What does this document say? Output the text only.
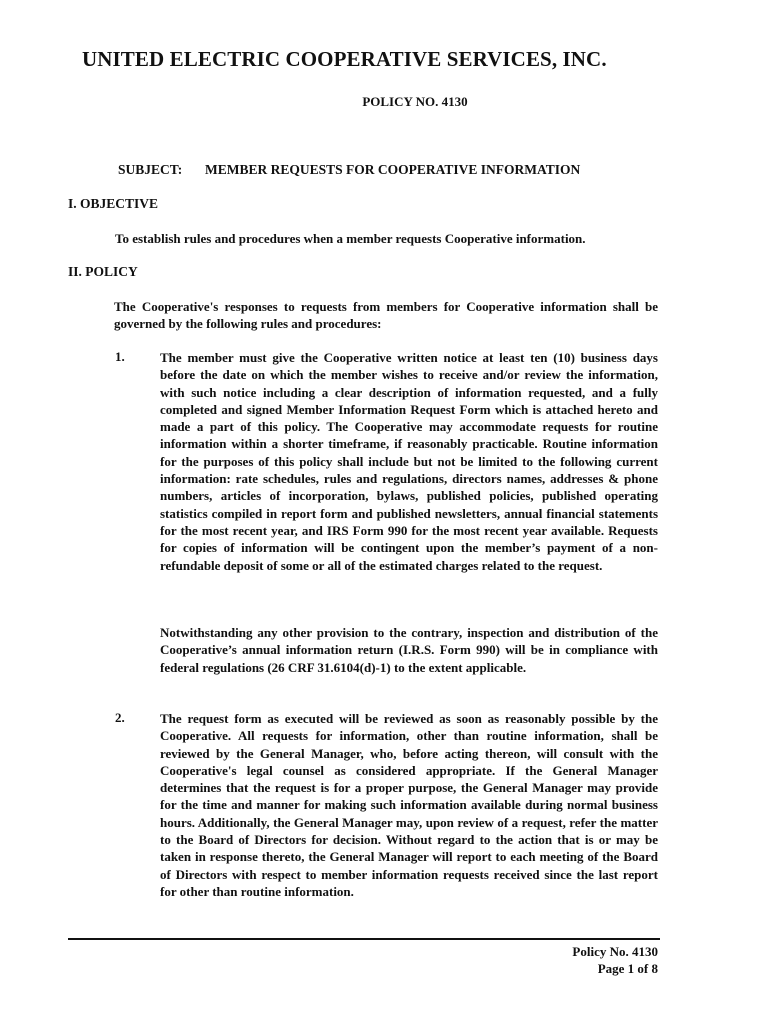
UNITED ELECTRIC COOPERATIVE SERVICES, INC.
POLICY NO. 4130
SUBJECT: MEMBER REQUESTS FOR COOPERATIVE INFORMATION
I. OBJECTIVE
To establish rules and procedures when a member requests Cooperative information.
II. POLICY
The Cooperative's responses to requests from members for Cooperative information shall be governed by the following rules and procedures:
1.	The member must give the Cooperative written notice at least ten (10) business days before the date on which the member wishes to receive and/or review the information, with such notice including a clear description of information requested, and a fully completed and signed Member Information Request Form which is attached hereto and made a part of this policy. The Cooperative may accommodate requests for routine information within a shorter timeframe, if reasonably practicable. Routine information for the purposes of this policy shall include but not be limited to the following current information: rate schedules, rules and regulations, directors names, addresses & phone numbers, articles of incorporation, bylaws, published policies, published operating statistics compiled in report form and published newsletters, annual financial statements for the most recent year, and IRS Form 990 for the most recent year available. Requests for copies of information will be contingent upon the member’s payment of a non-refundable deposit of some or all of the estimated charges related to the request.
Notwithstanding any other provision to the contrary, inspection and distribution of the Cooperative’s annual information return (I.R.S. Form 990) will be in compliance with federal regulations (26 CRF 31.6104(d)-1) to the extent applicable.
2.	The request form as executed will be reviewed as soon as reasonably possible by the Cooperative. All requests for information, other than routine information, shall be reviewed by the General Manager, who, before acting thereon, will consult with the Cooperative's legal counsel as considered appropriate. If the General Manager determines that the request is for a proper purpose, the General Manager may provide for the time and manner for making such information available during normal business hours. Additionally, the General Manager may, upon review of a request, refer the matter to the Board of Directors for decision. Without regard to the action that is or may be taken in response thereto, the General Manager will report to each meeting of the Board of Directors with respect to member information requests received since the last report for other than routine information.
Policy No. 4130
Page 1 of 8
